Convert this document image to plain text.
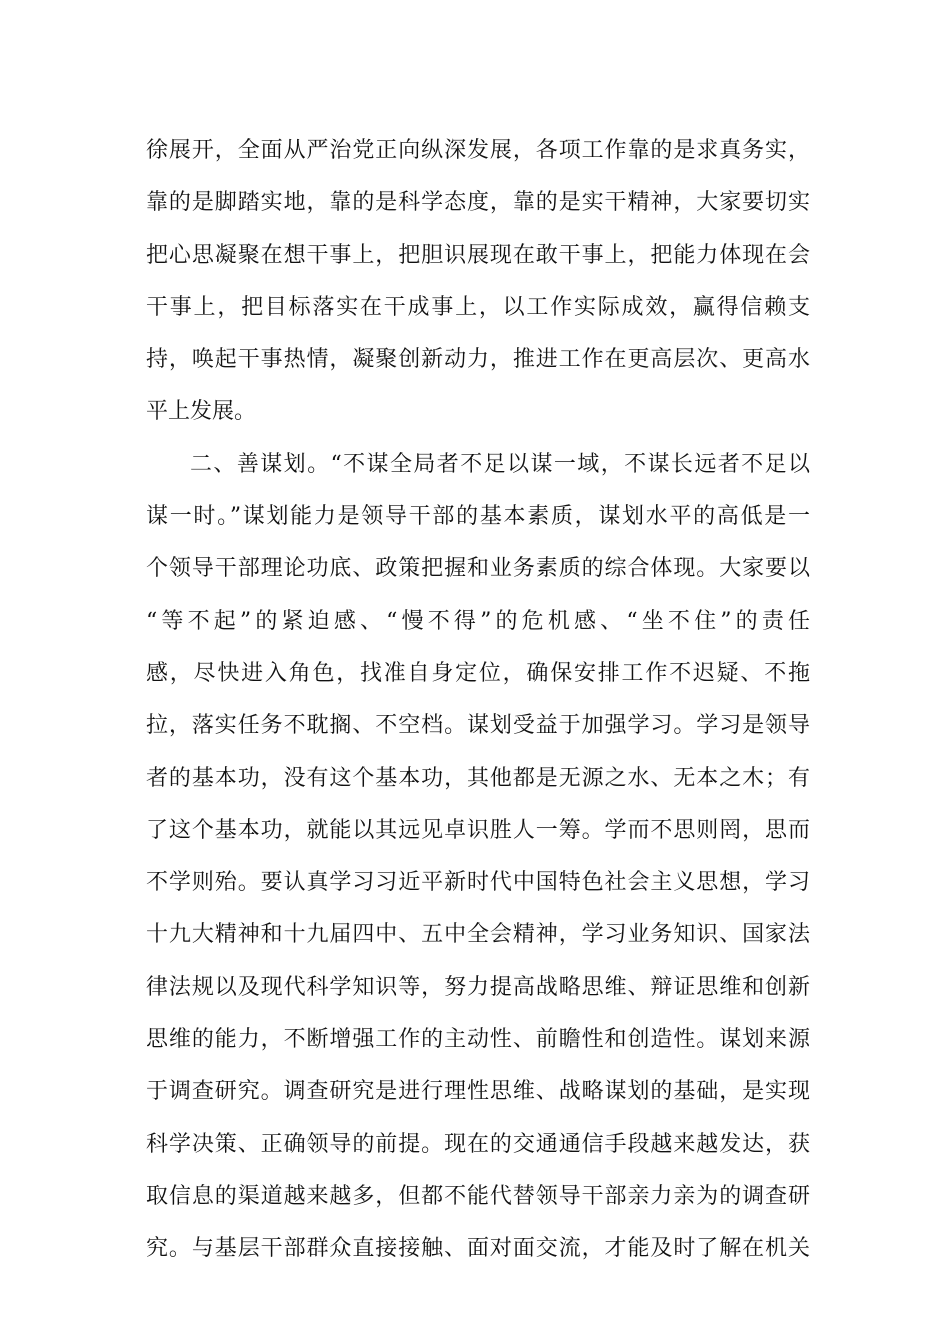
徐展开，全面从严治党正向纵深发展，各项工作靠的是求真务实，
靠的是脚踏实地，靠的是科学态度，靠的是实干精神，大家要切实
把心思凝聚在想干事上，把胆识展现在敢干事上，把能力体现在会
干事上，把目标落实在干成事上，以工作实际成效，赢得信赖支
持，唤起干事热情，凝聚创新动力，推进工作在更高层次、更高水
平上发展。
二、善谋划。“不谋全局者不足以谋一域，不谋长远者不足以
谋一时。”谋划能力是领导干部的基本素质，谋划水平的高低是一
个领导干部理论功底、政策把握和业务素质的综合体现。大家要以
“等不起”的紧迫感、“慢不得”的危机感、“坐不住”的责任
感，尽快进入角色，找准自身定位，确保安排工作不迟疑、不拖
拉，落实任务不耽搁、不空档。谋划受益于加强学习。学习是领导
者的基本功，没有这个基本功，其他都是无源之水、无本之木；有
了这个基本功，就能以其远见卓识胜人一筹。学而不思则罔，思而
不学则殆。要认真学习习近平新时代中国特色社会主义思想，学习
十九大精神和十九届四中、五中全会精神，学习业务知识、国家法
律法规以及现代科学知识等，努力提高战略思维、辩证思维和创新
思维的能力，不断增强工作的主动性、前瞻性和创造性。谋划来源
于调查研究。调查研究是进行理性思维、战略谋划的基础，是实现
科学决策、正确领导的前提。现在的交通通信手段越来越发达，获
取信息的渠道越来越多，但都不能代替领导干部亲力亲为的调查研
究。与基层干部群众直接接触、面对面交流，才能及时了解在机关
